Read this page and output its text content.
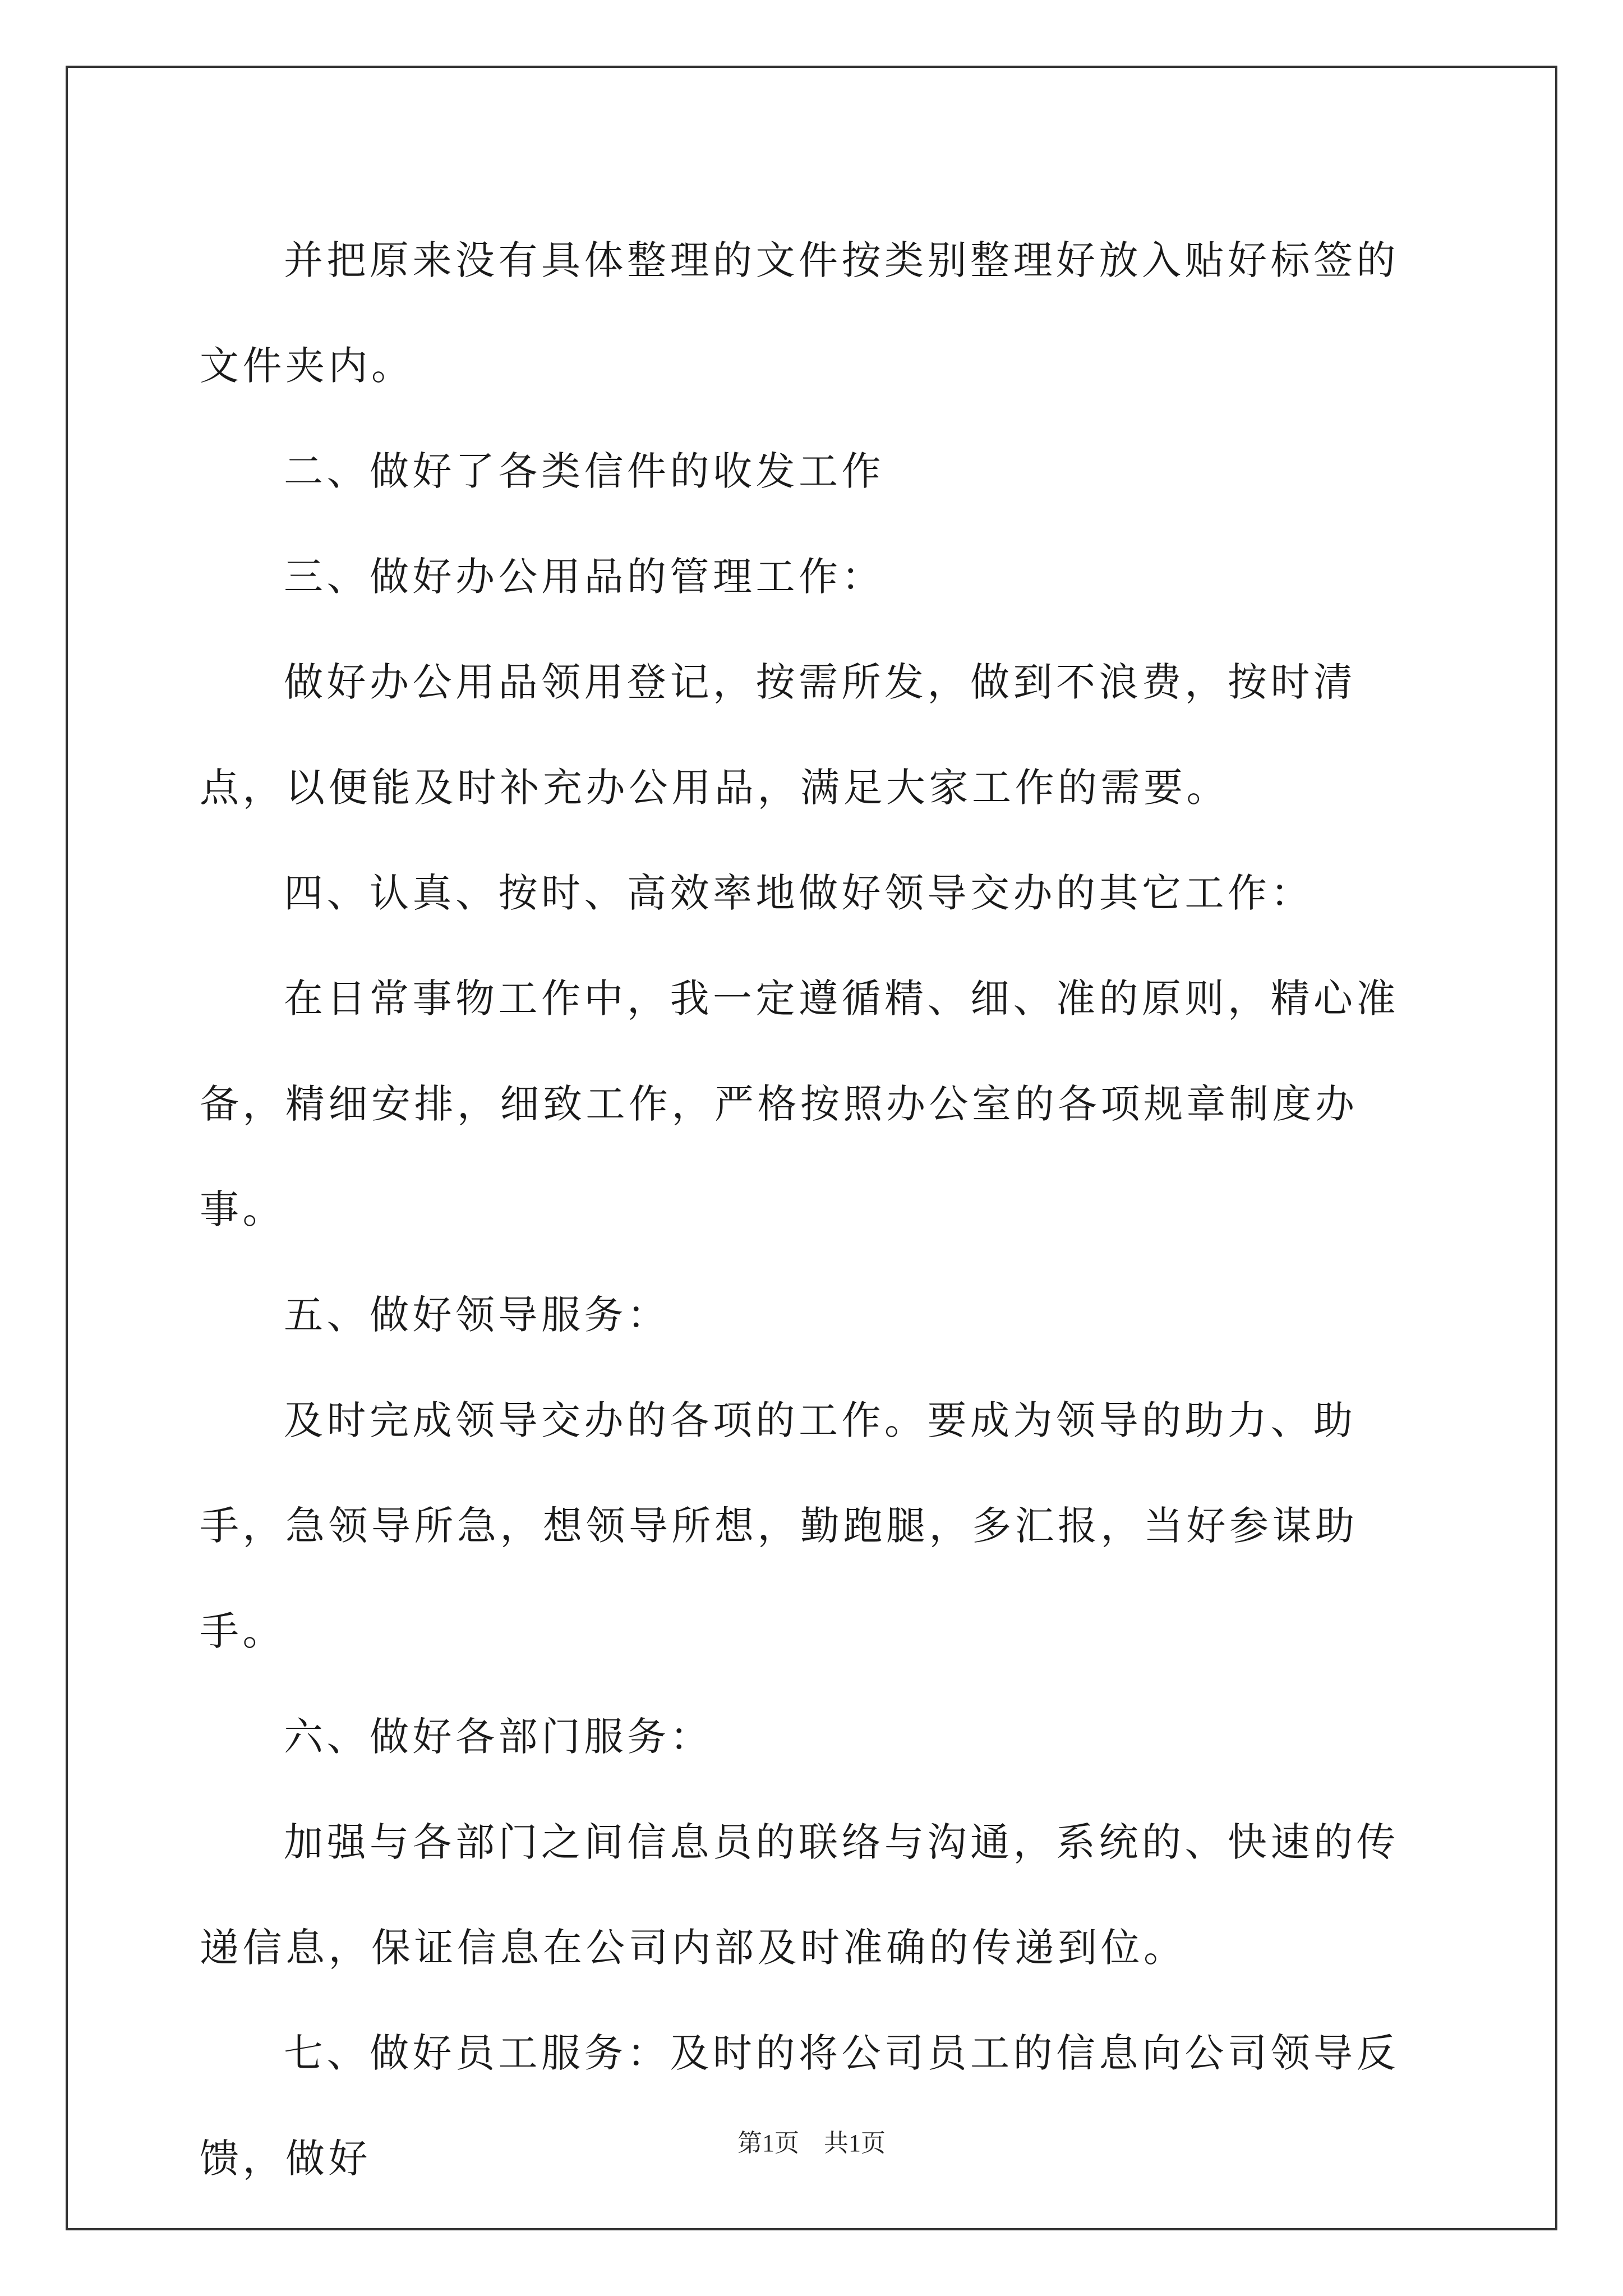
并把原来没有具体整理的文件按类别整理好放入贴好标签的文件夹内。

二、做好了各类信件的收发工作

三、做好办公用品的管理工作：

做好办公用品领用登记，按需所发，做到不浪费，按时清点，以便能及时补充办公用品，满足大家工作的需要。

四、认真、按时、高效率地做好领导交办的其它工作：

在日常事物工作中，我一定遵循精、细、准的原则，精心准备，精细安排，细致工作，严格按照办公室的各项规章制度办事。

五、做好领导服务：

及时完成领导交办的各项的工作。要成为领导的助力、助手，急领导所急，想领导所想，勤跑腿，多汇报，当好参谋助手。

六、做好各部门服务：

加强与各部门之间信息员的联络与沟通，系统的、快速的传递信息，保证信息在公司内部及时准确的传递到位。

七、做好员工服务：及时的将公司员工的信息向公司领导反馈，做好	第1页　共1页
